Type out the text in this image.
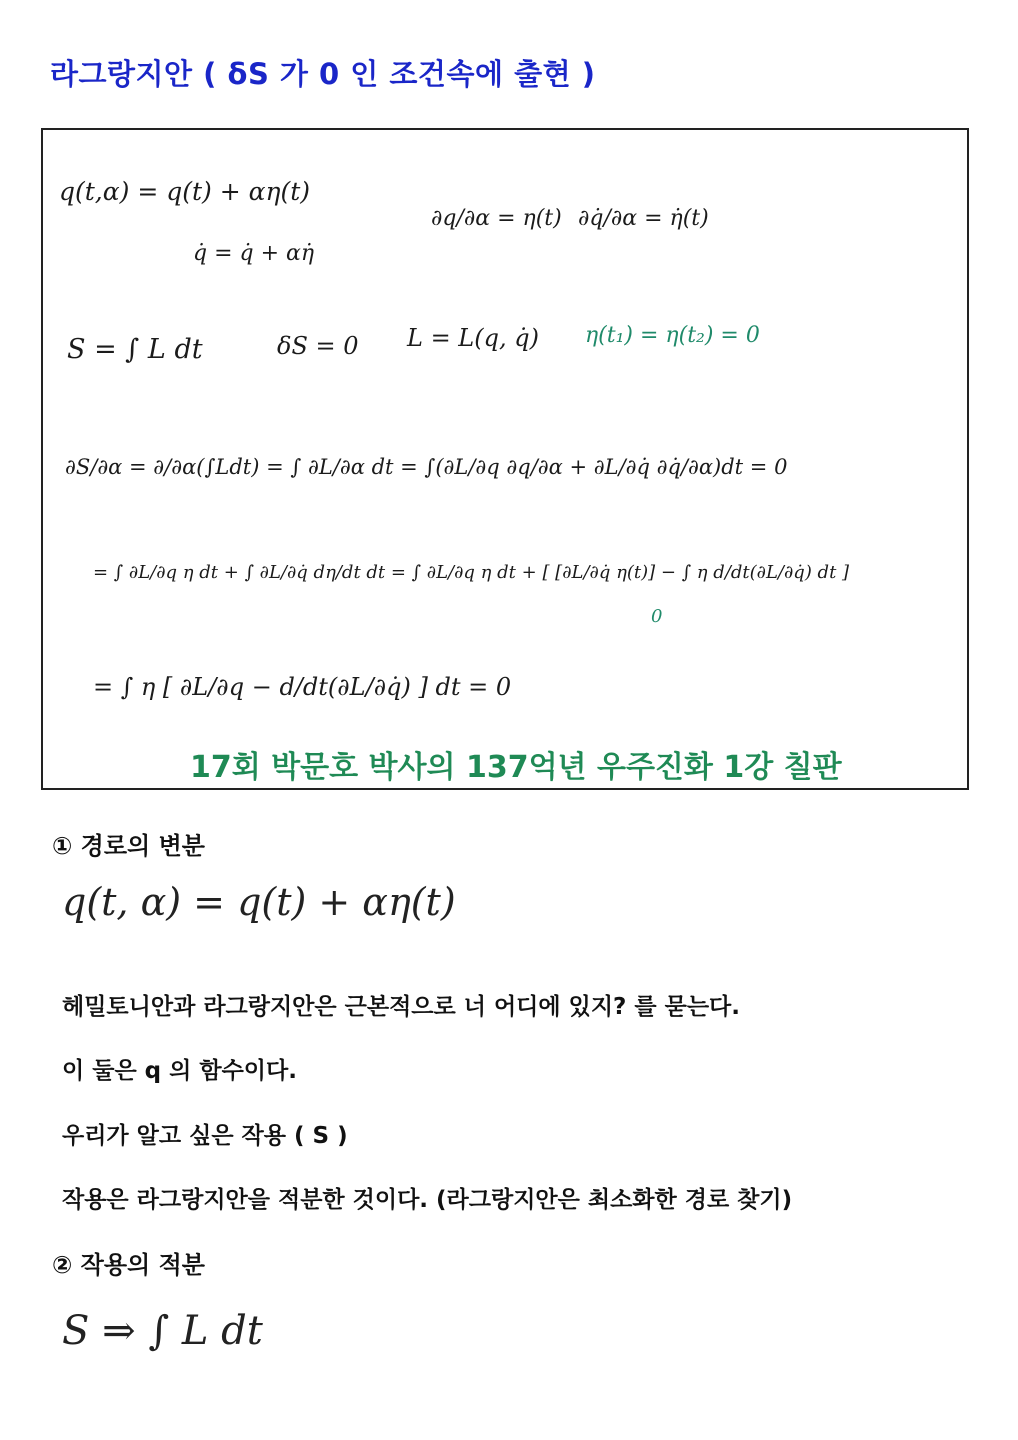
라그랑지안 ( δS 가 0 인 조건속에 출현 )
q(t,α) = q(t) + αη(t)
q̇ = q̇ + αη̇
∂q/∂α = η(t) ∂q̇/∂α = η̇(t)
S = ∫ L dt	δS = 0 L = L(q, q̇) η(t₁) = η(t₂) = 0
∂S/∂α = ∂/∂α(∫Ldt) = ∫ ∂L/∂α dt = ∫(∂L/∂q ∂q/∂α + ∂L/∂q̇ ∂q̇/∂α)dt = 0
= ∫ ∂L/∂q η dt + ∫ ∂L/∂q̇ dη/dt dt = ∫ ∂L/∂q η dt + [ [∂L/∂q̇ η(t)] − ∫ η d/dt(∂L/∂q̇) dt ]
0
= ∫ η [ ∂L/∂q − d/dt(∂L/∂q̇) ] dt = 0
17회 박문호 박사의 137억년 우주진화 1강 칠판
① 경로의 변분
q(t, α) = q(t) + αη(t)
헤밀토니안과 라그랑지안은 근본적으로 너 어디에 있지? 를 묻는다.
이 둘은 q 의 함수이다.
우리가 알고 싶은 작용 ( S )
작용은 라그랑지안을 적분한 것이다. (라그랑지안은 최소화한 경로 찾기)
② 작용의 적분
S ⇒ ∫ L dt
